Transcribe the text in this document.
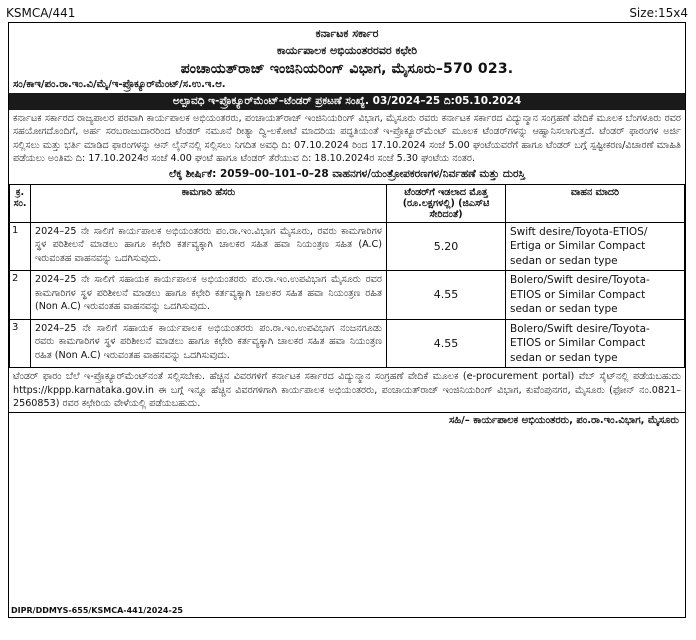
KSMCA/441	Size:15x4
ಕರ್ನಾಟಕ ಸರ್ಕಾರ
ಕಾರ್ಯಪಾಲಕ ಅಭಿಯಂತರರವರ ಕಛೇರಿ
ಪಂಚಾಯತ್‌ರಾಜ್ ಇಂಜಿನಿಯರಿಂಗ್ ವಿಭಾಗ, ಮೈಸೂರು–570 023.
ಸಂ/ಕಾಇ/ಪಂ.ರಾ.ಇಂ.ವಿ/ಮೈ/ಇ-ಪ್ರೊಕ್ಯೂರ್‌ಮೆಂಟ್/ಸ.ಉ.ಇ.ಆ.
ಅಲ್ಪಾವಧಿ ಇ-ಪ್ರೊಕ್ಯೂರ್‌ಮೆಂಟ್–ಟೆಂಡರ್ ಪ್ರಕಟಣೆ ಸಂಖ್ಯೆ. 03/2024–25 ದಿ:05.10.2024
ಕರ್ನಾಟಕ ಸರ್ಕಾರದ ರಾಜ್ಯಪಾಲರ ಪರವಾಗಿ ಕಾರ್ಯಪಾಲಕ ಅಭಿಯಂತರರು, ಪಂಚಾಯತ್‌ರಾಜ್ ಇಂಜಿನಿಯರಿಂಗ್ ವಿಭಾಗ, ಮೈಸೂರು ರವರು ಕರ್ನಾಟಕ ಸರ್ಕಾರದ ವಿದ್ಯುನ್ಮಾನ ಸಂಗ್ರಹಣೆ ವೇದಿಕೆ ಮೂಲಕ ಬೆಂಗಳೂರು ರವರ ಸಹಯೋಗದೊಂದಿಗೆ, ಅರ್ಹ ಸರಬರಾಜುದಾರರಿಂದ ಟೆಂಡರ್ ನಮೂನೆ ರೀತ್ಯಾ ದ್ವಿ-ಲಕೋಟೆ ಮಾದರಿಯ ಪದ್ಧತಿಯಂತೆ ಇ-ಪ್ರೊಕ್ಯೂರ್‌ಮೆಂಟ್ ಮೂಲಕ ಟೆಂಡರ್‌ಗಳನ್ನು ಆಹ್ವಾನಿಸಲಾಗುತ್ತದೆ. ಟೆಂಡರ್ ಫಾರಂಗಳ ಅರ್ಜಿ ಸಲ್ಲಿಸಲು ಮತ್ತು ಭರ್ತಿ ಮಾಡಿದ ಫಾರಂಗಳನ್ನು ಆನ್ ಲೈನ್‌ನಲ್ಲಿ ಸಲ್ಲಿಸಲು ನಿಗದಿತ ಅವಧಿ ದಿ: 07.10.2024 ರಿಂದ 17.10.2024 ಸಂಜೆ 5.00 ಘಂಟೆಯವರೆಗೆ ಹಾಗೂ ಟೆಂಡರ್ ಬಗ್ಗೆ ಸ್ಪಷ್ಟೀಕರಣ/ವಿಚಾರಣೆ ಮಾಹಿತಿ ಪಡೆಯಲು ಅಂತಿಮ ದಿ: 17.10.2024ರ ಸಂಜೆ 4.00 ಘಂಟೆ ಹಾಗೂ ಟೆಂಡರ್ ತೆರೆಯುವ ದಿ: 18.10.2024ರ ಸಂಜೆ 5.30 ಘಂಟೆಯ ನಂತರ.
ಲೆಕ್ಕ ಶೀರ್ಷಿಕೆ: 2059–00–101–0–28 ವಾಹನಗಳ/ಯಂತ್ರೋಪಕರಣಗಳ/ನಿರ್ವಹಣೆ ಮತ್ತು ದುರಸ್ತಿ
ಕ್ರ. ಸಂ.	ಕಾಮಗಾರಿ ಹೆಸರು	ಟೆಂಡರ್‌ಗೆ ಇಡಲಾದ ಮೊತ್ತ (ರೂ.ಲಕ್ಷಗಳಲ್ಲಿ) (ಜಿಎಸ್‌ಟಿ ಸೇರಿದಂತೆ)	ವಾಹನ ಮಾದರಿ
1	2024–25 ನೇ ಸಾಲಿಗೆ ಕಾರ್ಯಪಾಲಕ ಅಭಿಯಂತರರು ಪಂ.ರಾ.ಇಂ.ವಿಭಾಗ ಮೈಸೂರು, ರವರು ಕಾಮಗಾರಿಗಳ ಸ್ಥಳ ಪರಿಶೀಲನೆ ಮಾಡಲು ಹಾಗೂ ಕಛೇರಿ ಕರ್ತವ್ಯಕ್ಕಾಗಿ ಚಾಲಕರ ಸಹಿತ ಹವಾ ನಿಯಂತ್ರಣ ಸಹಿತ (A.C) ಇರುವಂತಹ ವಾಹನವನ್ನು ಒದಗಿಸುವುದು.	5.20	Swift desire/Toyota-ETIOS/ Ertiga or Similar Compact sedan or sedan type
2	2024–25 ನೇ ಸಾಲಿಗೆ ಸಹಾಯಕ ಕಾರ್ಯಪಾಲಕ ಅಭಿಯಂತರರು ಪಂ.ರಾ.ಇಂ.ಉಪವಿಭಾಗ ಮೈಸೂರು ರವರ ಕಾಮಗಾರಿಗಳ ಸ್ಥಳ ಪರಿಶೀಲನೆ ಮಾಡಲು ಹಾಗೂ ಕಛೇರಿ ಕರ್ತವ್ಯಕ್ಕಾಗಿ ಚಾಲಕರ ಸಹಿತ ಹವಾ ನಿಯಂತ್ರಣ ರಹಿತ (Non A.C) ಇರುವಂತಹ ವಾಹನವನ್ನು ಒದಗಿಸುವುದು.	4.55	Bolero/Swift desire/Toyota-ETIOS or Similar Compact sedan or sedan type
3	2024–25 ನೇ ಸಾಲಿಗೆ ಸಹಾಯಕ ಕಾರ್ಯಪಾಲಕ ಅಭಿಯಂತರರು ಪಂ.ರಾ.ಇಂ.ಉಪವಿಭಾಗ ನಂಜನಗೂಡು ರವರು ಕಾಮಗಾರಿಗಳ ಸ್ಥಳ ಪರಿಶೀಲನೆ ಮಾಡಲು ಹಾಗೂ ಕಛೇರಿ ಕರ್ತವ್ಯಕ್ಕಾಗಿ ಚಾಲಕರ ಸಹಿತ ಹವಾ ನಿಯಂತ್ರಣ ರಹಿತ (Non A.C) ಇರುವಂತಹ ವಾಹನವನ್ನು ಒದಗಿಸುವುದು.	4.55	Bolero/Swift desire/Toyota-ETIOS or Similar Compact sedan or sedan type
ಟೆಂಡರ್ ಫಾರಂ ಬೆಲೆ ಇ-ಪ್ರೊಕ್ಯೂರ್‌ಮೆಂಟ್‌ನಂತೆ ಸಲ್ಲಿಸಬೇಕು. ಹೆಚ್ಚಿನ ವಿವರಗಳಿಗೆ ಕರ್ನಾಟಕ ಸರ್ಕಾರದ ವಿದ್ಯುನ್ಮಾನ ಸಂಗ್ರಹಣೆ ವೇದಿಕೆ ಮೂಲಕ (e-procurement portal) ವೆಬ್ ಸೈಟ್‌ನಲ್ಲಿ ಪಡೆಯಬಹುದು https://kppp.karnataka.gov.in ಈ ಬಗ್ಗೆ ಇನ್ನೂ ಹೆಚ್ಚಿನ ವಿವರಗಳಿಗಾಗಿ ಕಾರ್ಯಪಾಲಕ ಅಭಿಯಂತರರು, ಪಂಚಾಯತ್‌ರಾಜ್ ಇಂಜಿನಿಯರಿಂಗ್ ವಿಭಾಗ, ಕುವೆಂಪುನಗರ, ಮೈಸೂರು (ಫೋನ್ ನಂ.0821–2560853) ರವರ ಕಛೇರಿಯ ವೇಳೆಯಲ್ಲಿ ಪಡೆಯಬಹುದು.
ಸಹಿ/– ಕಾರ್ಯಪಾಲಕ ಅಭಿಯಂತರರು, ಪಂ.ರಾ.ಇಂ.ವಿಭಾಗ, ಮೈಸೂರು
DIPR/DDMYS-655/KSMCA-441/2024-25
